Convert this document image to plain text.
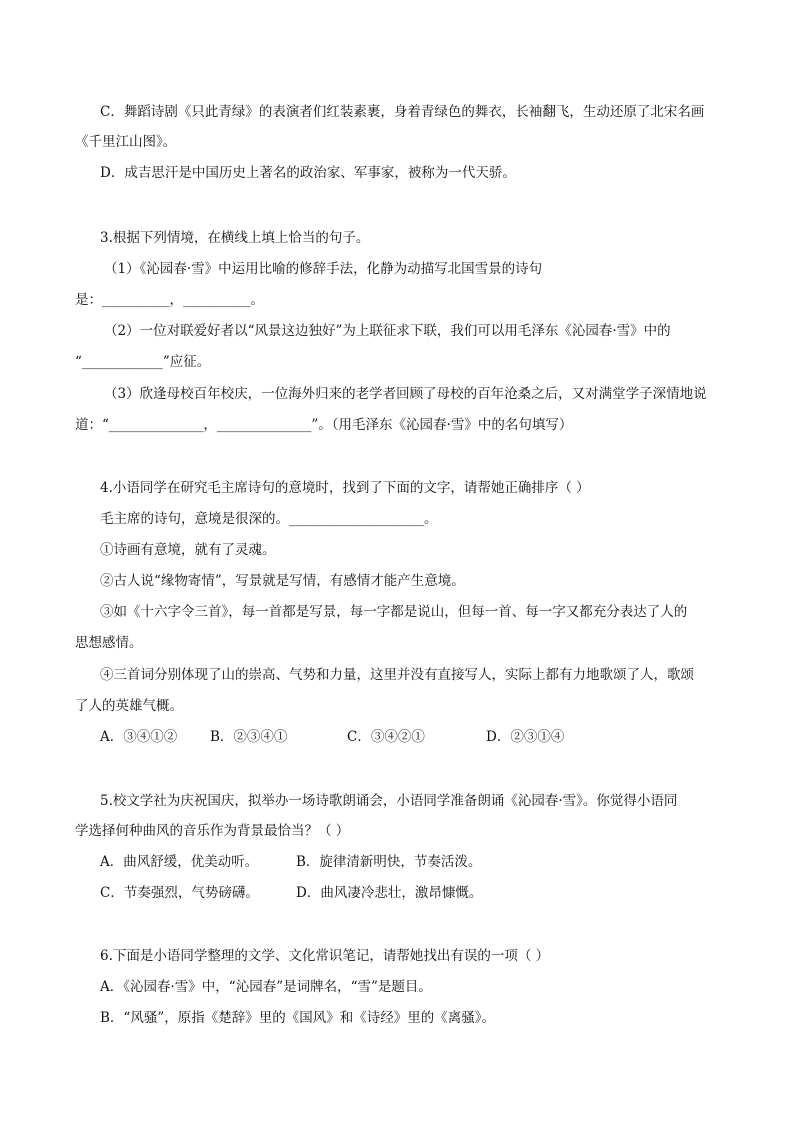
C．舞蹈诗剧《只此青绿》的表演者们红装素裹，身着青绿色的舞衣，长袖翻飞，生动还原了北宋名画
《千里江山图》。
D．成吉思汗是中国历史上著名的政治家、军事家，被称为一代天骄。
3.根据下列情境，在横线上填上恰当的句子。
（1）《沁园春·雪》中运用比喻的修辞手法，化静为动描写北国雪景的诗句
是：__________，__________。
（2）一位对联爱好者以“风景这边独好”为上联征求下联，我们可以用毛泽东《沁园春·雪》中的
“____________”应征。
（3）欣逢母校百年校庆，一位海外归来的老学者回顾了母校的百年沧桑之后，又对满堂学子深情地说
道：“______________，______________”。（用毛泽东《沁园春·雪》中的名句填写）
4.小语同学在研究毛主席诗句的意境时，找到了下面的文字，请帮她正确排序（ ）
毛主席的诗句，意境是很深的。____________________。
①诗画有意境，就有了灵魂。
②古人说“缘物寄情”，写景就是写情，有感情才能产生意境。
③如《十六字令三首》，每一首都是写景，每一字都是说山，但每一首、每一字又都充分表达了人的
思想感情。
④三首词分别体现了山的崇高、气势和力量，这里并没有直接写人，实际上都有力地歌颂了人，歌颂
了人的英雄气概。
A．③④①② B．②③④①	C．③④②①	D．②③①④
5.校文学社为庆祝国庆，拟举办一场诗歌朗诵会，小语同学准备朗诵《沁园春·雪》。你觉得小语同
学选择何种曲风的音乐作为背景最恰当？（ ）
A．曲风舒缓，优美动听。	B．旋律清新明快，节奏活泼。
C．节奏强烈，气势磅礴。	D．曲风凄冷悲壮，激昂慷慨。
6.下面是小语同学整理的文学、文化常识笔记，请帮她找出有误的一项（ ）
A．《沁园春·雪》中，“沁园春”是词牌名，“雪”是题目。
B．“风骚”，原指《楚辞》里的《国风》和《诗经》里的《离骚》。
